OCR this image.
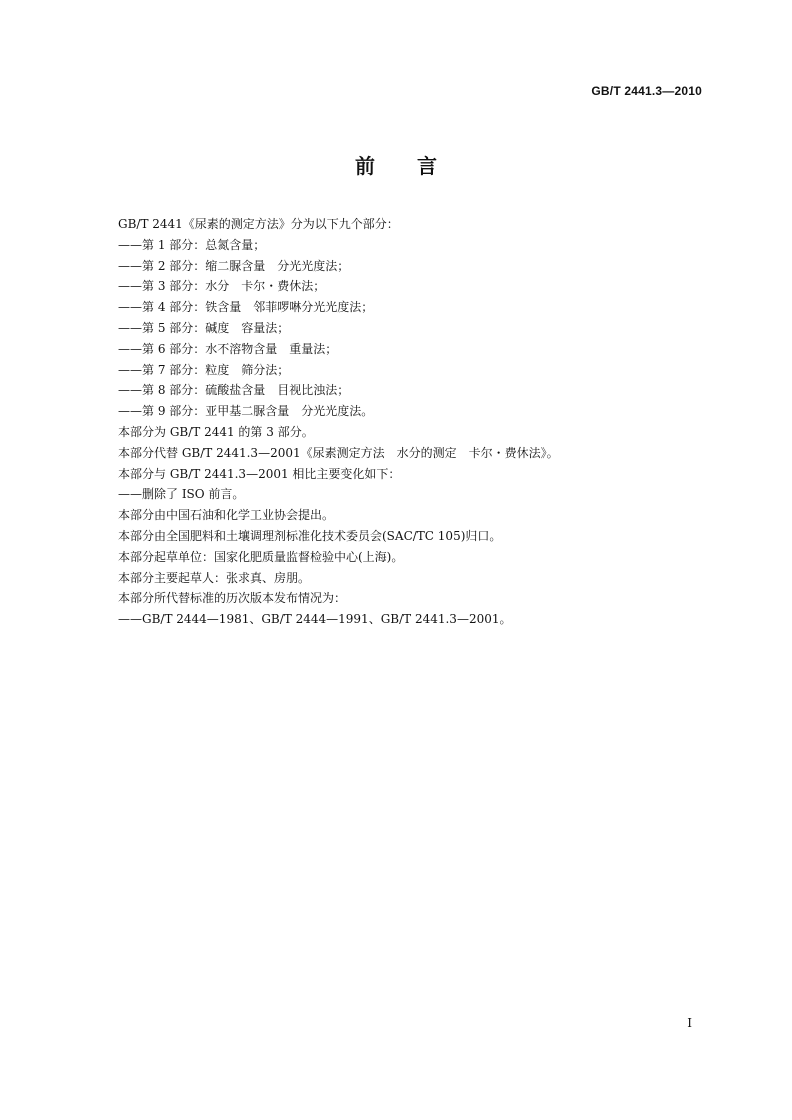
GB/T 2441.3—2010
前 言
GB/T 2441《尿素的测定方法》分为以下九个部分：
——第 1 部分：总氮含量；
——第 2 部分：缩二脲含量　分光光度法；
——第 3 部分：水分　卡尔・费休法；
——第 4 部分：铁含量　邻菲啰啉分光光度法；
——第 5 部分：碱度　容量法；
——第 6 部分：水不溶物含量　重量法；
——第 7 部分：粒度　筛分法；
——第 8 部分：硫酸盐含量　目视比浊法；
——第 9 部分：亚甲基二脲含量　分光光度法。
本部分为 GB/T 2441 的第 3 部分。
本部分代替 GB/T 2441.3—2001《尿素测定方法　水分的测定　卡尔・费休法》。
本部分与 GB/T 2441.3—2001 相比主要变化如下：
——删除了 ISO 前言。
本部分由中国石油和化学工业协会提出。
本部分由全国肥料和土壤调理剂标准化技术委员会(SAC/TC 105)归口。
本部分起草单位：国家化肥质量监督检验中心(上海)。
本部分主要起草人：张求真、房朋。
本部分所代替标准的历次版本发布情况为：
——GB/T 2444—1981、GB/T 2444—1991、GB/T 2441.3—2001。
I
